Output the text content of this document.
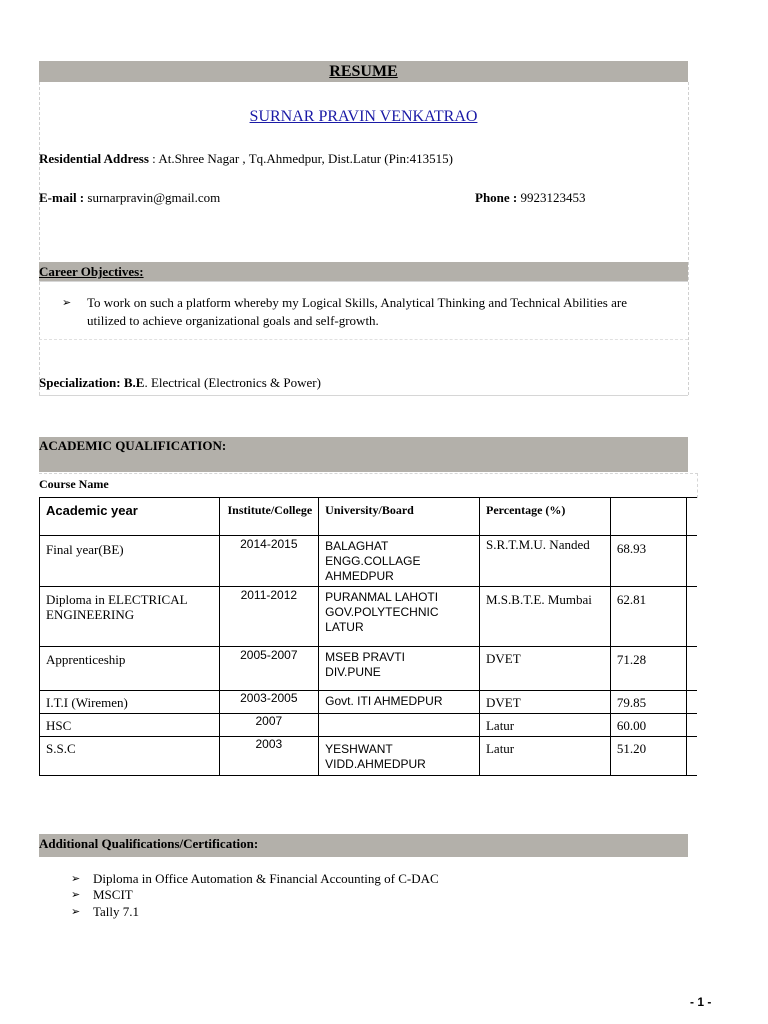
RESUME
SURNAR PRAVIN VENKATRAO
Residential Address : At.Shree Nagar , Tq.Ahmedpur, Dist.Latur (Pin:413515)
E-mail : surnarpravin@gmail.com	Phone : 9923123453
Career Objectives:
➢ To work on such a platform whereby my Logical Skills, Analytical Thinking and Technical Abilities are
utilized to achieve organizational goals and self-growth.
Specialization: B.E. Electrical (Electronics & Power)
ACADEMIC QUALIFICATION:
Course Name
Academic year	Institute/College	University/Board	Percentage (%)		

Final year(BE)	2014-2015	BALAGHAT ENGG.COLLAGE AHMEDPUR	S.R.T.M.U. Nanded	68.93	

Diploma in ELECTRICAL ENGINEERING	2011-2012	PURANMAL LAHOTI GOV.POLYTECHNIC LATUR	M.S.B.T.E. Mumbai	62.81	

Apprenticeship	2005-2007	MSEB PRAVTI DIV.PUNE	DVET	71.28	

I.T.I (Wiremen)	2003-2005	Govt. ITI AHMEDPUR	DVET	79.85	

HSC	2007		Latur	60.00	

S.S.C	2003	YESHWANT VIDD.AHMEDPUR	Latur	51.20	

Additional Qualifications/Certification:
➢ Diploma in Office Automation & Financial Accounting of C-DAC
➢ MSCIT
➢ Tally 7.1
- 1 -
